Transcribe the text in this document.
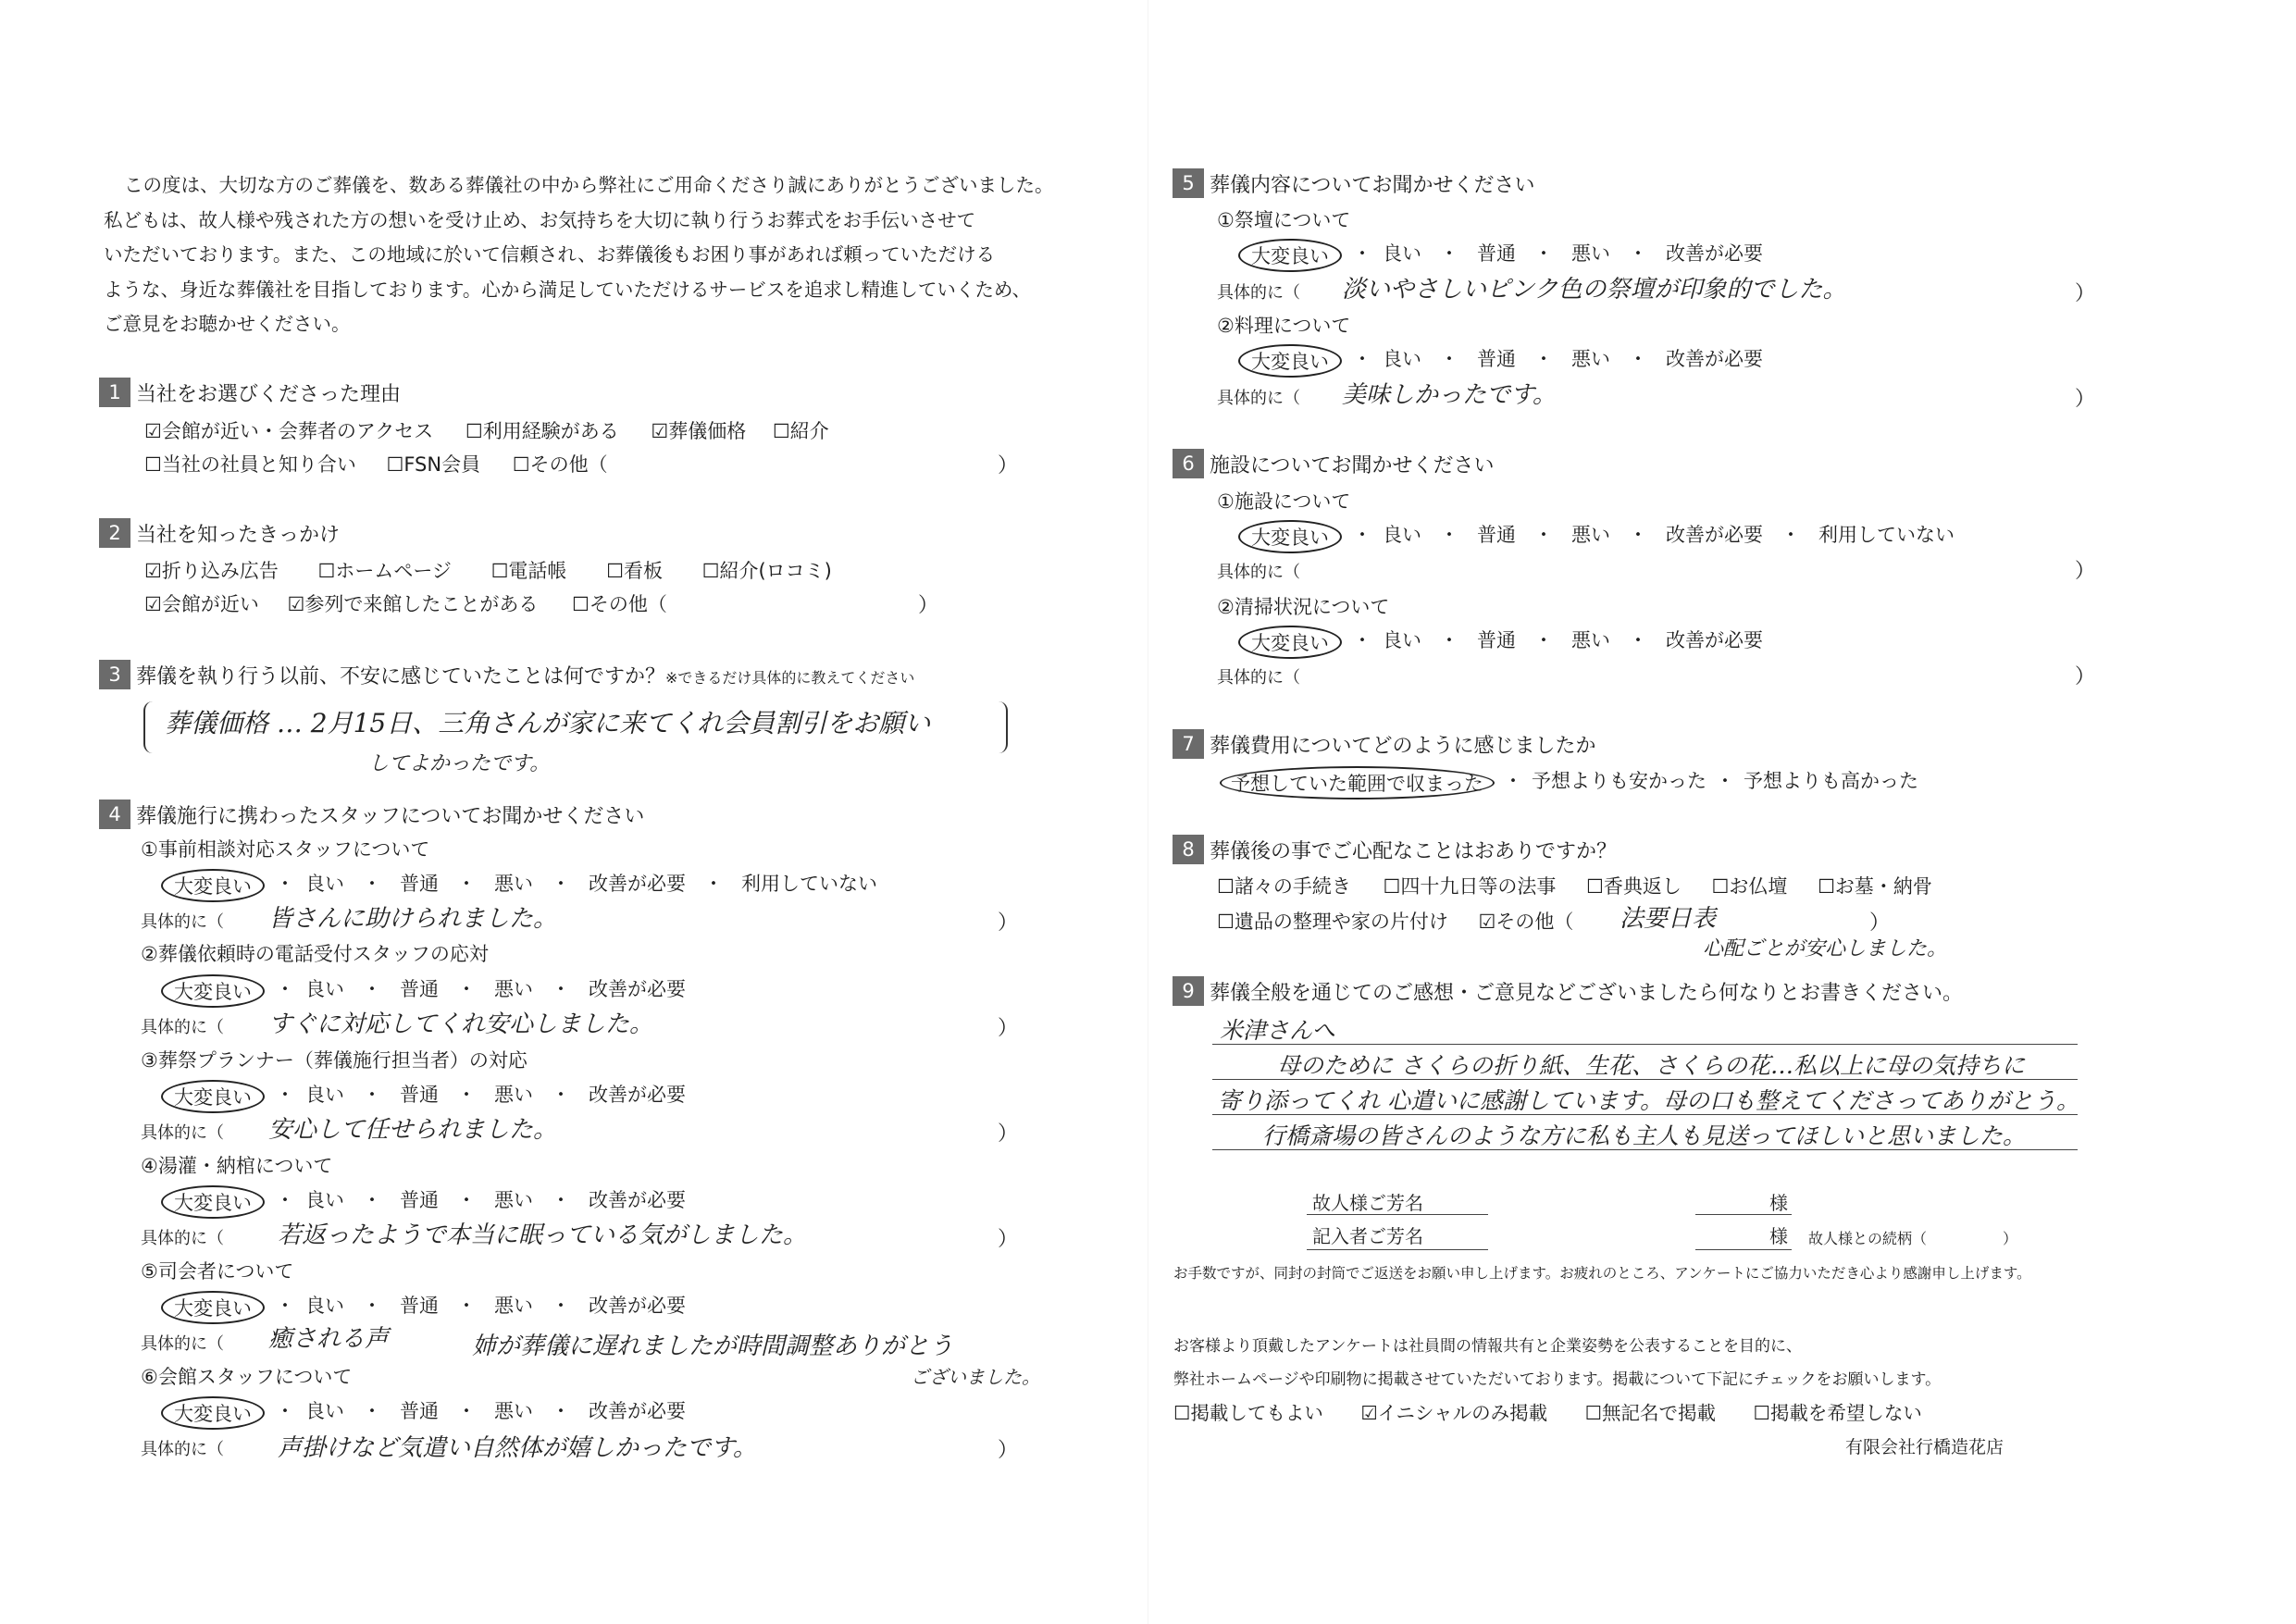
この度は、大切な方のご葬儀を、数ある葬儀社の中から弊社にご用命くださり誠にありがとうございました。
私どもは、故人様や残された方の想いを受け止め、お気持ちを大切に執り行うお葬式をお手伝いさせて
いただいております。また、この地域に於いて信頼され、お葬儀後もお困り事があれば頼っていただける
ような、身近な葬儀社を目指しております。心から満足していただけるサービスを追求し精進していくため、
ご意見をお聴かせください。
1 当社をお選びくださった理由
☑会館が近い・会葬者のアクセス ☐利用経験がある ☑葬儀価格 ☐紹介
☐当社の社員と知り合い ☐FSN会員 ☐その他（	）
2 当社を知ったきっかけ
☑折り込み広告 ☐ホームページ ☐電話帳 ☐看板 ☐紹介(ロコミ)
☑会館が近い ☑参列で来館したことがある ☐その他（	）
3 葬儀を執り行う以前、不安に感じていたことは何ですか？※できるだけ具体的に教えてください
葬儀価格 … 2月15日、三角さんが家に来てくれ会員割引をお願い
してよかったです。
4 葬儀施行に携わったスタッフについてお聞かせください
①事前相談対応スタッフについて
大変良い	・ 良い ・ 普通 ・ 悪い ・ 改善が必要 ・ 利用していない
具体的に（ 皆さんに助けられました。	）
②葬儀依頼時の電話受付スタッフの応対
大変良い	・ 良い ・ 普通 ・ 悪い ・ 改善が必要
具体的に（ すぐに対応してくれ安心しました。	）
③葬祭プランナー（葬儀施行担当者）の対応
大変良い	・ 良い ・ 普通 ・ 悪い ・ 改善が必要
具体的に（ 安心して任せられました。	）
④湯灌・納棺について
大変良い	・ 良い ・ 普通 ・ 悪い ・ 改善が必要
具体的に（ 若返ったようで本当に眠っている気がしました。	）
⑤司会者について
大変良い	・ 良い ・ 普通 ・ 悪い ・ 改善が必要
具体的に（ 癒される声	姉が葬儀に遅れましたが時間調整ありがとう
ございました。
⑥会館スタッフについて
大変良い	・ 良い ・ 普通 ・ 悪い ・ 改善が必要
具体的に（ 声掛けなど気遣い自然体が嬉しかったです。	）
5 葬儀内容についてお聞かせください
①祭壇について
大変良い	・ 良い ・ 普通 ・ 悪い ・ 改善が必要
具体的に（ 淡いやさしいピンク色の祭壇が印象的でした。	）
②料理について
大変良い	・ 良い ・ 普通 ・ 悪い ・ 改善が必要
具体的に（ 美味しかったです。	）
6 施設についてお聞かせください
①施設について
大変良い	・ 良い ・ 普通 ・ 悪い ・ 改善が必要 ・ 利用していない
具体的に（	）
②清掃状況について
大変良い	・ 良い ・ 普通 ・ 悪い ・ 改善が必要
具体的に（	）
7 葬儀費用についてどのように感じましたか
予想していた範囲で収まった	・ 予想よりも安かった ・ 予想よりも高かった
8 葬儀後の事でご心配なことはおありですか？
☐諸々の手続き ☐四十九日等の法事 ☐香典返し ☐お仏壇 ☐お墓・納骨
☐遺品の整理や家の片付け ☑その他（ 法要日表	）
心配ごとが安心しました。
9 葬儀全般を通じてのご感想・ご意見などございましたら何なりとお書きください。
米津さんへ
母のために さくらの折り紙、生花、さくらの花…私以上に母の気持ちに
寄り添ってくれ 心遣いに感謝しています。母の口も整えてくださってありがとう。
行橋斎場の皆さんのような方に私も主人も見送ってほしいと思いました。
故人様ご芳名	様
記入者ご芳名	様 故人様との続柄（	）
お手数ですが、同封の封筒でご返送をお願い申し上げます。お疲れのところ、アンケートにご協力いただき心より感謝申し上げます。
お客様より頂戴したアンケートは社員間の情報共有と企業姿勢を公表することを目的に、
弊社ホームページや印刷物に掲載させていただいております。掲載について下記にチェックをお願いします。
☐掲載してもよい ☑イニシャルのみ掲載 ☐無記名で掲載 ☐掲載を希望しない
有限会社行橋造花店
